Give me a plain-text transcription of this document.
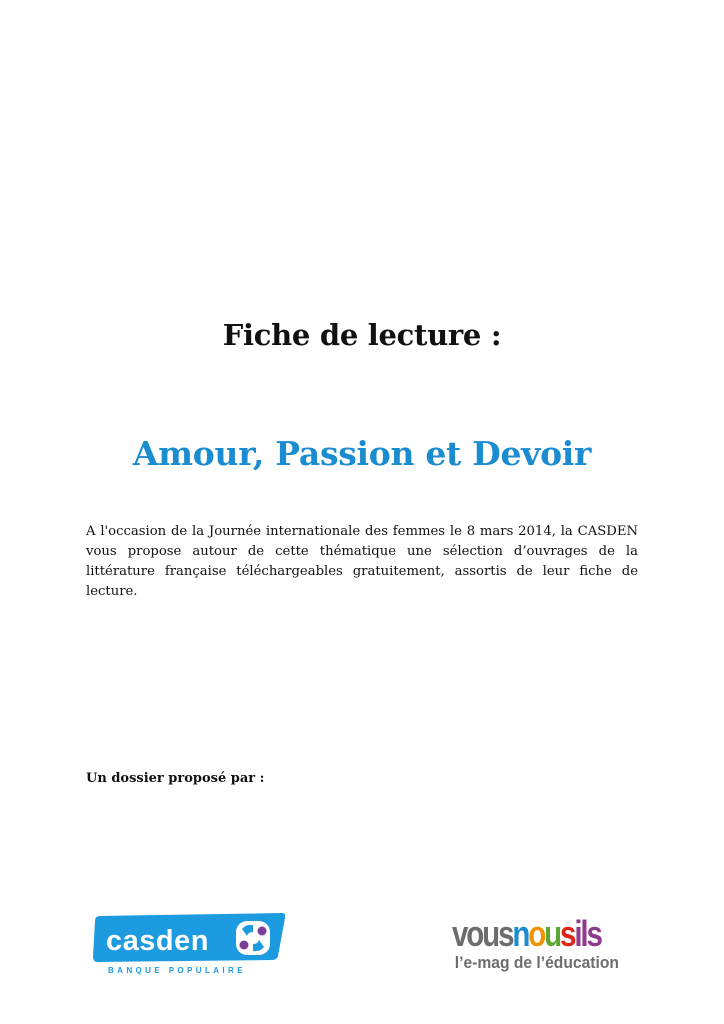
Fiche de lecture :
Amour, Passion et Devoir

A l'occasion de la Journée internationale des femmes le 8 mars 2014, la CASDEN vous propose autour de cette thématique une sélection d’ouvrages de la littérature française téléchargeables gratuitement, assortis de leur fiche de lecture.

Un dossier proposé par :

casden
BANQUE POPULAIRE
vousnousils
l’e-mag de l’éducation
